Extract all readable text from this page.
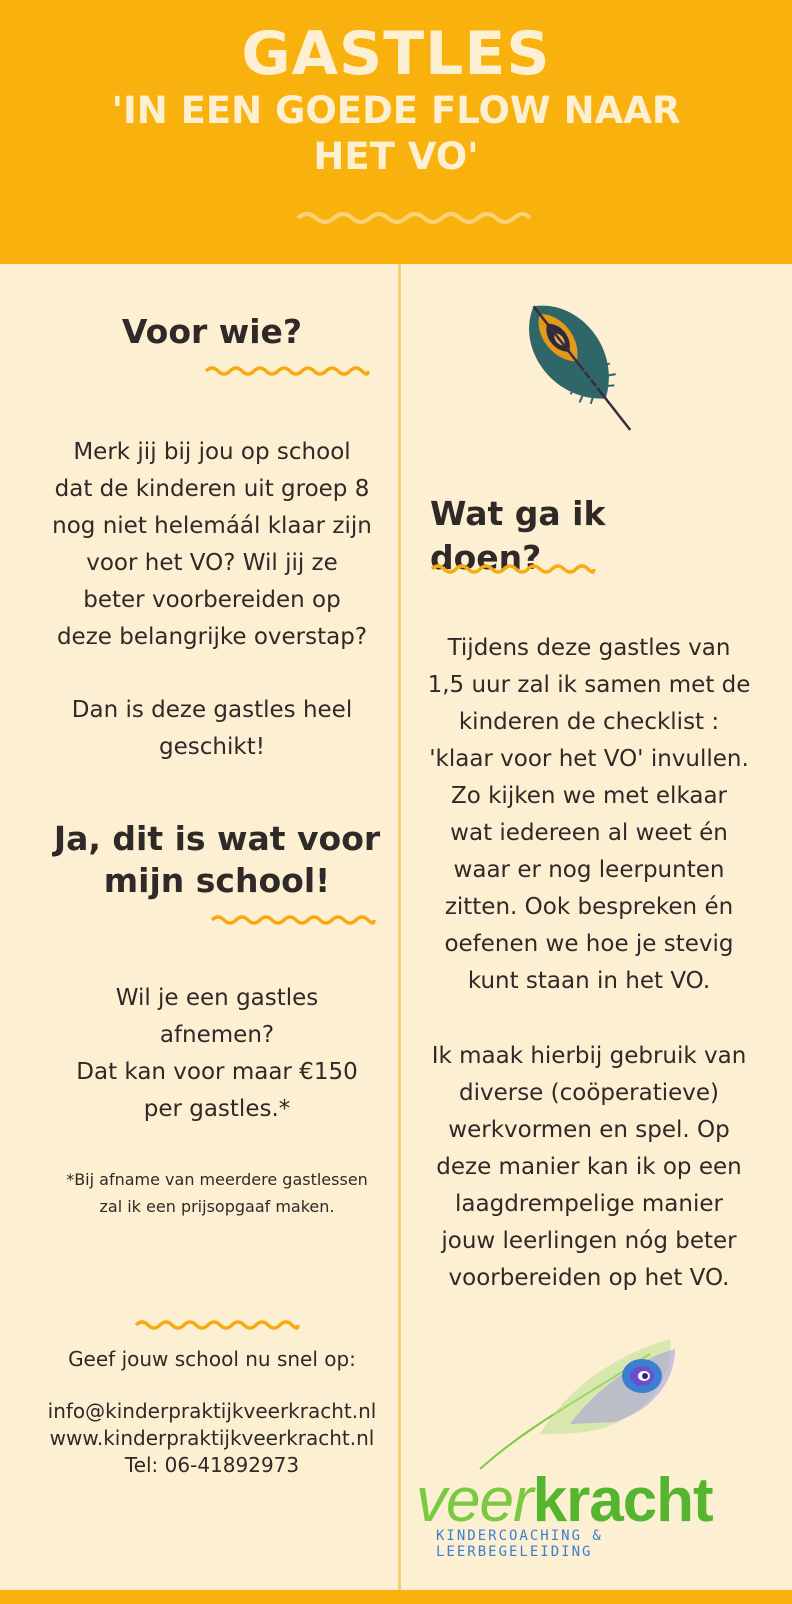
GASTLES
'IN EEN GOEDE FLOW NAAR HET VO'
Voor wie?
Merk jij bij jou op school
dat de kinderen uit groep 8
nog niet helemáál klaar zijn
voor het VO? Wil jij ze
beter voorbereiden op
deze belangrijke overstap?
Dan is deze gastles heel
geschikt!
Ja, dit is wat voor
mijn school!
Wil je een gastles
afnemen?
Dat kan voor maar €150
per gastles.*
*Bij afname van meerdere gastlessen
zal ik een prijsopgaaf maken.
Geef jouw school nu snel op:
info@kinderpraktijkveerkracht.nl
www.kinderpraktijkveerkracht.nl
Tel: 06-41892973
Wat ga ik doen?
Tijdens deze gastles van
1,5 uur zal ik samen met de
kinderen de checklist :
'klaar voor het VO' invullen.
Zo kijken we met elkaar
wat iedereen al weet én
waar er nog leerpunten
zitten. Ook bespreken én
oefenen we hoe je stevig
kunt staan in het VO.
Ik maak hierbij gebruik van
diverse (coöperatieve)
werkvormen en spel. Op
deze manier kan ik op een
laagdrempelige manier
jouw leerlingen nóg beter
voorbereiden op het VO.
veerkracht
KINDERCOACHING & LEERBEGELEIDING
